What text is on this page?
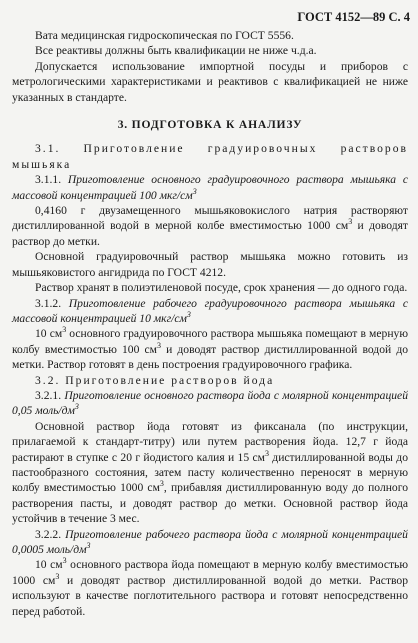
ГОСТ 4152—89 С. 4

Вата медицинская гидроскопическая по ГОСТ 5556.

Все реактивы должны быть квалификации не ниже ч.д.а.

Допускается использование импортной посуды и приборов с метрологическими характеристиками и реактивов с квалификацией не ниже указанных в стандарте.

3. ПОДГОТОВКА К АНАЛИЗУ

3.1. Приготовление градуировочных растворов мышьяка

3.1.1. Приготовление основного градуировочного раствора мышьяка с массовой концентрацией 100 мкг/$см^3$

0,4160 г двузамещенного мышьяковокислого натрия растворяют дистиллированной водой в мерной колбе вместимостью 1000 $см^3$ и доводят раствор до метки.

Основной градуировочный раствор мышьяка можно готовить из мышьяковистого ангидрида по ГОСТ 4212.

Раствор хранят в полиэтиленовой посуде, срок хранения — до одного года.

3.1.2. Приготовление рабочего градуировочного раствора мышьяка с массовой концентрацией 10 мкг/$см^3$

10 $см^3$ основного градуировочного раствора мышьяка помещают в мерную колбу вместимостью 100 $см^3$ и доводят раствор дистиллированной водой до метки. Раствор готовят в день построения градуировочного графика.

3.2. Приготовление растворов йода

3.2.1. Приготовление основного раствора йода с молярной концентрацией 0,05 моль/$дм^3$

Основной раствор йода готовят из фиксанала (по инструкции, прилагаемой к стандарт-титру) или путем растворения йода. 12,7 г йода растирают в ступке с 20 г йодистого калия и 15 $см^3$ дистиллированной воды до пастообразного состояния, затем пасту количественно переносят в мерную колбу вместимостью 1000 $см^3$, прибавляя дистиллированную воду до полного растворения пасты, и доводят раствор до метки. Основной раствор йода устойчив в течение 3 мес.

3.2.2. Приготовление рабочего раствора йода с молярной концентрацией 0,0005 моль/$дм^3$

10 $см^3$ основного раствора йода помещают в мерную колбу вместимостью 1000 $см^3$ и доводят раствор дистиллированной водой до метки. Раствор используют в качестве поглотительного раствора и готовят непосредственно перед работой.
